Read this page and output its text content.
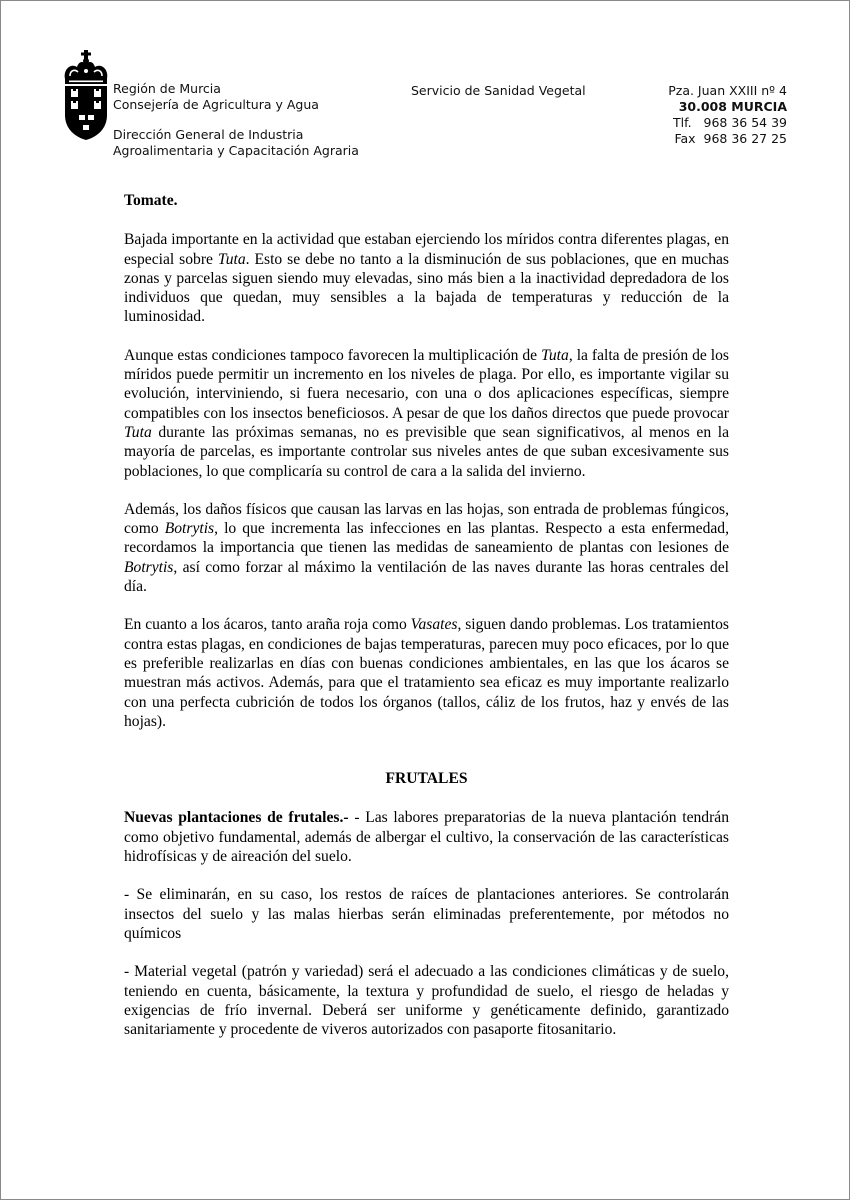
Región de Murcia
Consejería de Agricultura y Agua
Dirección General de Industria
Agroalimentaria y Capacitación Agraria
Servicio de Sanidad Vegetal	Pza. Juan XXIII nº 4
30.008 MURCIA
Tlf.   968 36 54 39
Fax  968 36 27 25
Tomate.

Bajada importante en la actividad que estaban ejerciendo los míridos contra diferentes plagas, en especial sobre Tuta. Esto se debe no tanto a la disminución de sus poblaciones, que en muchas zonas y parcelas siguen siendo muy elevadas, sino más bien a la inactividad depredadora de los individuos que quedan, muy sensibles a la bajada de temperaturas y reducción de la luminosidad.

Aunque estas condiciones tampoco favorecen la multiplicación de Tuta, la falta de presión de los míridos puede permitir un incremento en los niveles de plaga. Por ello, es importante vigilar su evolución, interviniendo, si fuera necesario, con una o dos aplicaciones específicas, siempre compatibles con los insectos beneficiosos. A pesar de que los daños directos que puede provocar Tuta durante las próximas semanas, no es previsible que sean significativos, al menos en la mayoría de parcelas, es importante controlar sus niveles antes de que suban excesivamente sus poblaciones, lo que complicaría su control de cara a la salida del invierno.

Además, los daños físicos que causan las larvas en las hojas, son entrada de problemas fúngicos, como Botrytis, lo que incrementa las infecciones en las plantas. Respecto a esta enfermedad, recordamos la importancia que tienen las medidas de saneamiento de plantas con lesiones de Botrytis, así como forzar al máximo la ventilación de las naves durante las horas centrales del día.

En cuanto a los ácaros, tanto araña roja como Vasates, siguen dando problemas. Los tratamientos contra estas plagas, en condiciones de bajas temperaturas, parecen muy poco eficaces, por lo que es preferible realizarlas en días con buenas condiciones ambientales, en las que los ácaros se muestran más activos. Además, para que el tratamiento sea eficaz es muy importante realizarlo con una perfecta cubrición de todos los órganos (tallos, cáliz de los frutos, haz y envés de las hojas).

FRUTALES

Nuevas plantaciones de frutales.- - Las labores preparatorias de la nueva plantación tendrán como objetivo fundamental, además de albergar el cultivo, la conservación de las características hidrofísicas y de aireación del suelo.

- Se eliminarán, en su caso, los restos de raíces de plantaciones anteriores. Se controlarán insectos del suelo y las malas hierbas serán eliminadas preferentemente, por métodos no químicos

- Material vegetal (patrón y variedad) será el adecuado a las condiciones climáticas y de suelo, teniendo en cuenta, básicamente, la textura y profundidad de suelo, el riesgo de heladas y exigencias de frío invernal. Deberá ser uniforme y genéticamente definido, garantizado sanitariamente y procedente de viveros autorizados con pasaporte fitosanitario.
